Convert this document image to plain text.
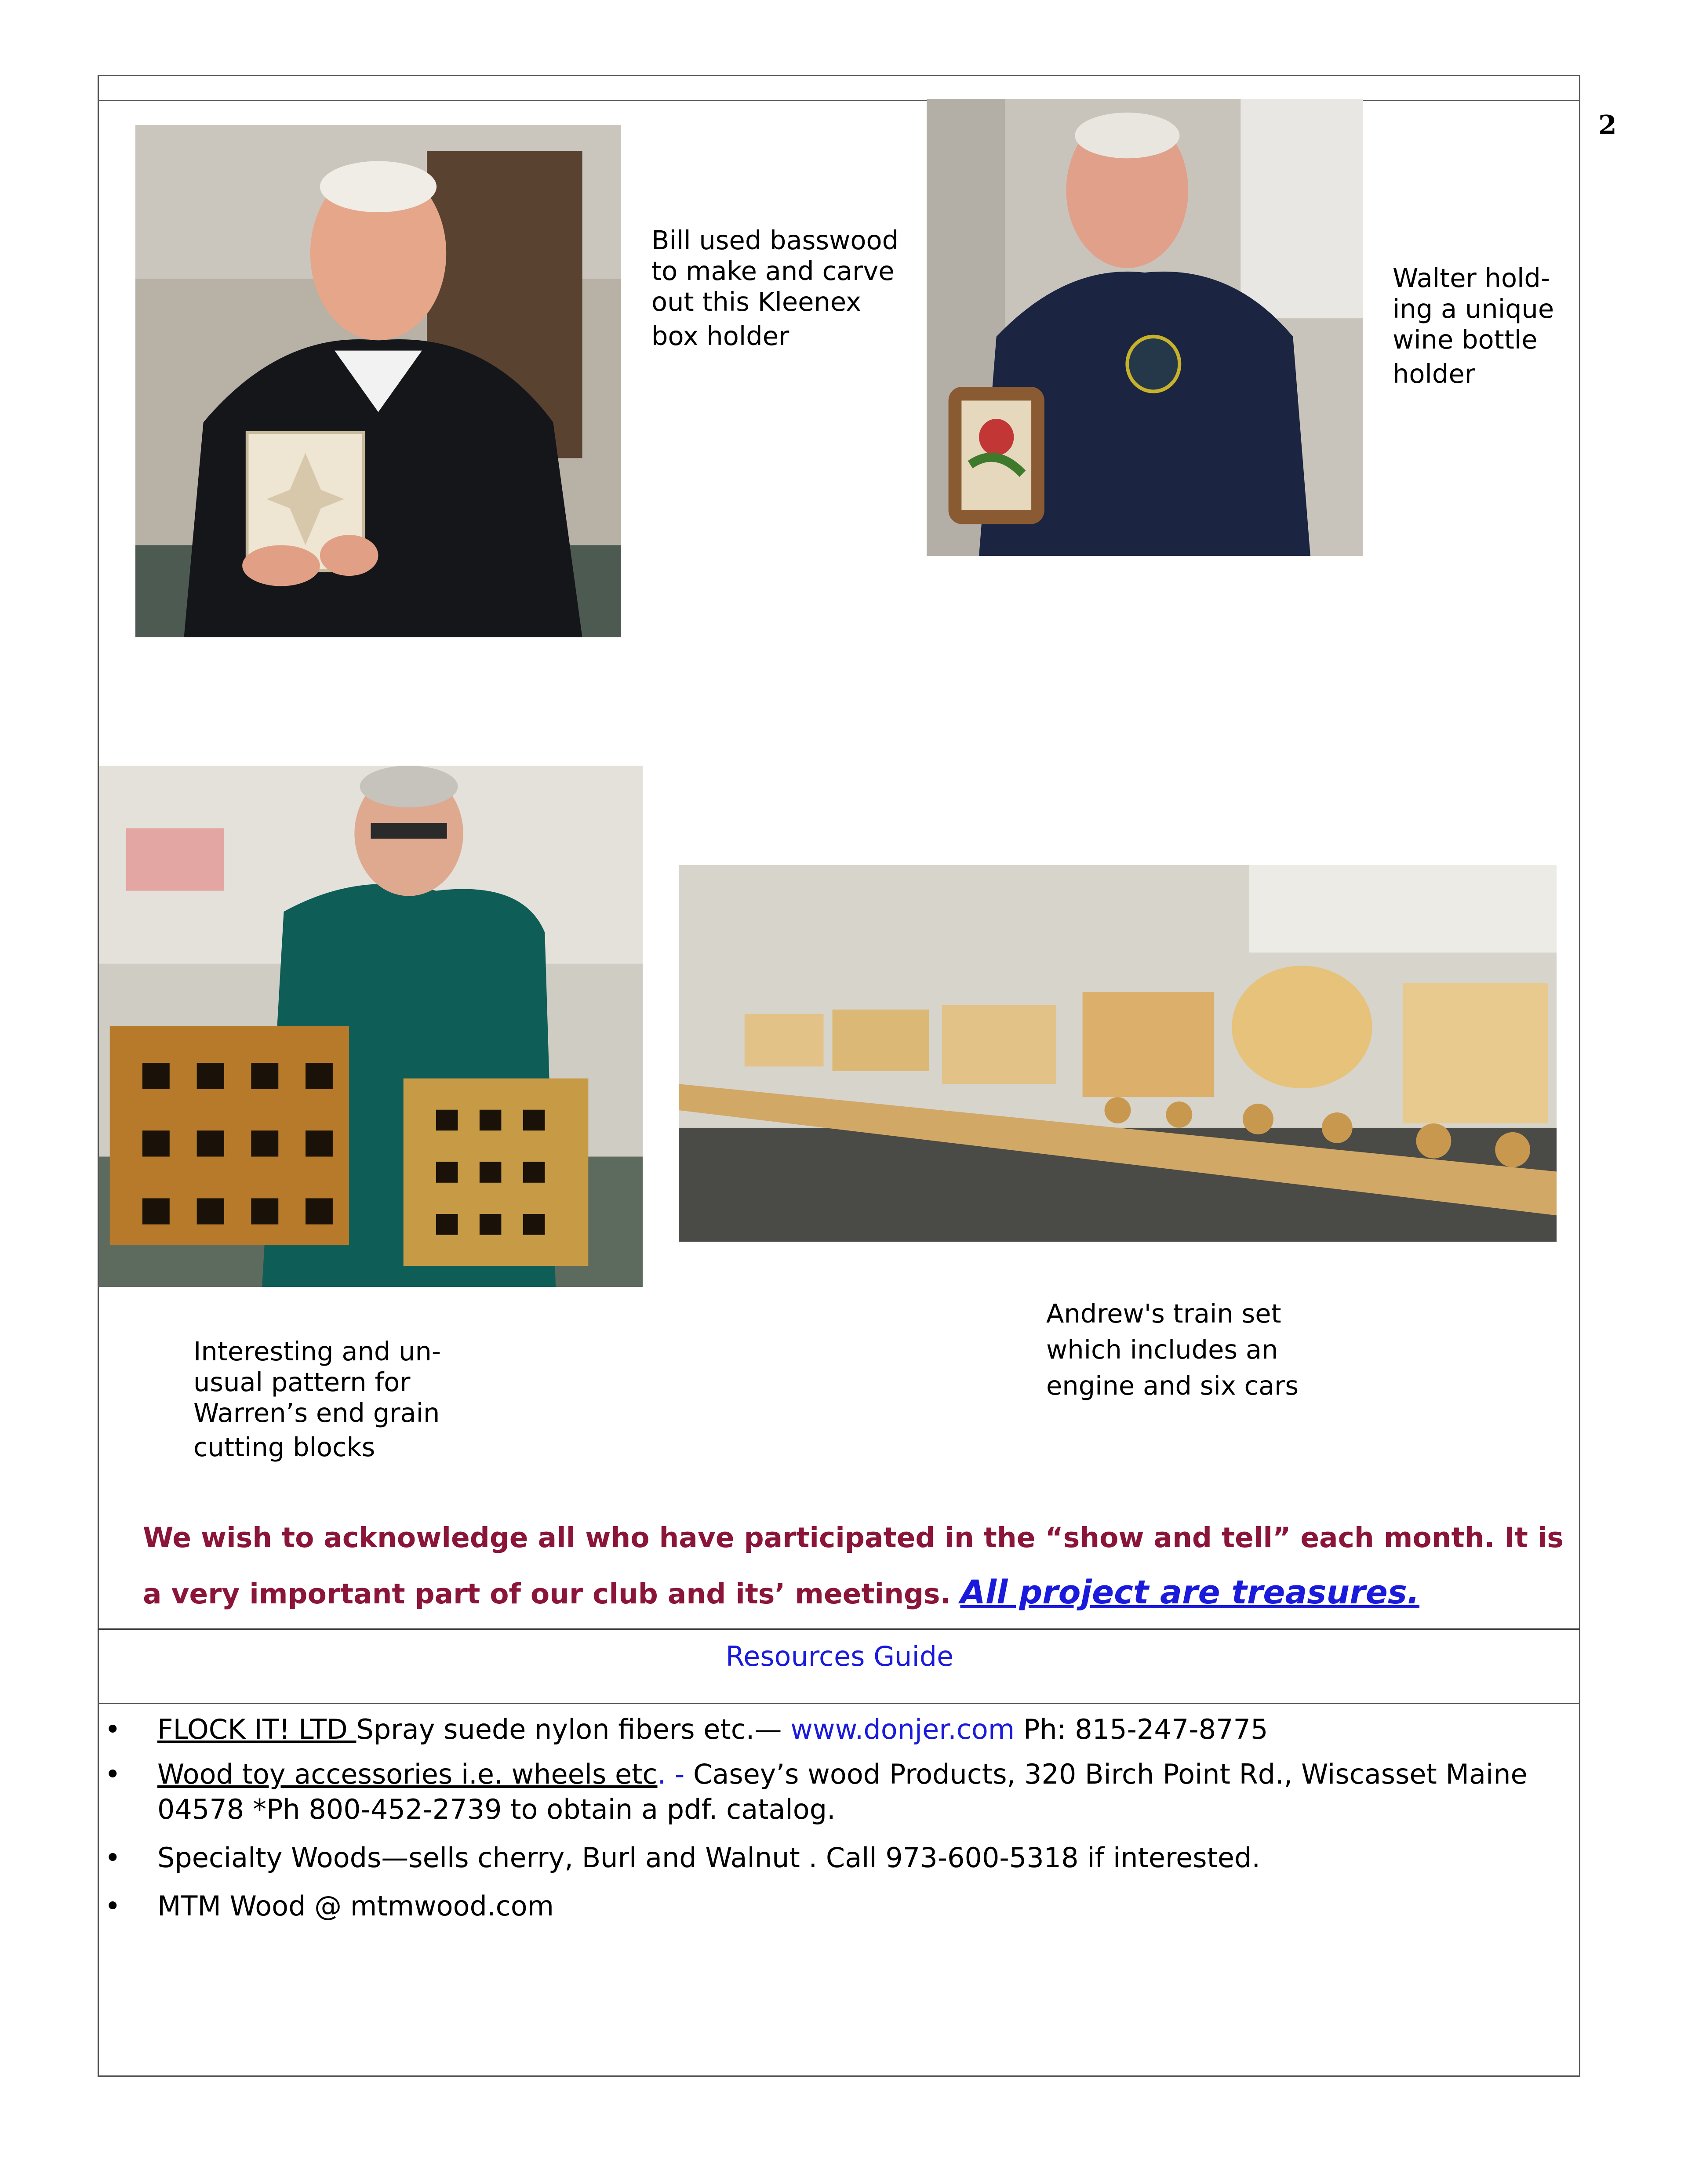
2
Bill used basswood
to make and carve
out this Kleenex
box holder
Walter hold-
ing a unique
wine bottle
holder
Interesting and un-
usual pattern for
Warren’s end grain
cutting blocks
Andrew's train set
which includes an
engine and six cars
We wish to acknowledge all who have participated in the “show and tell” each month. It is
a very important part of our club and its’ meetings. All project are treasures.
Resources Guide
• FLOCK IT! LTD Spray suede nylon fibers etc.— www.donjer.com Ph: 815-247-8775
• Wood toy accessories i.e. wheels etc. - Casey’s wood Products, 320 Birch Point Rd., Wiscasset Maine 04578 *Ph 800-452-2739 to obtain a pdf. catalog.
• Specialty Woods—sells cherry, Burl and Walnut . Call 973-600-5318 if interested.
• MTM Wood @ mtmwood.com
